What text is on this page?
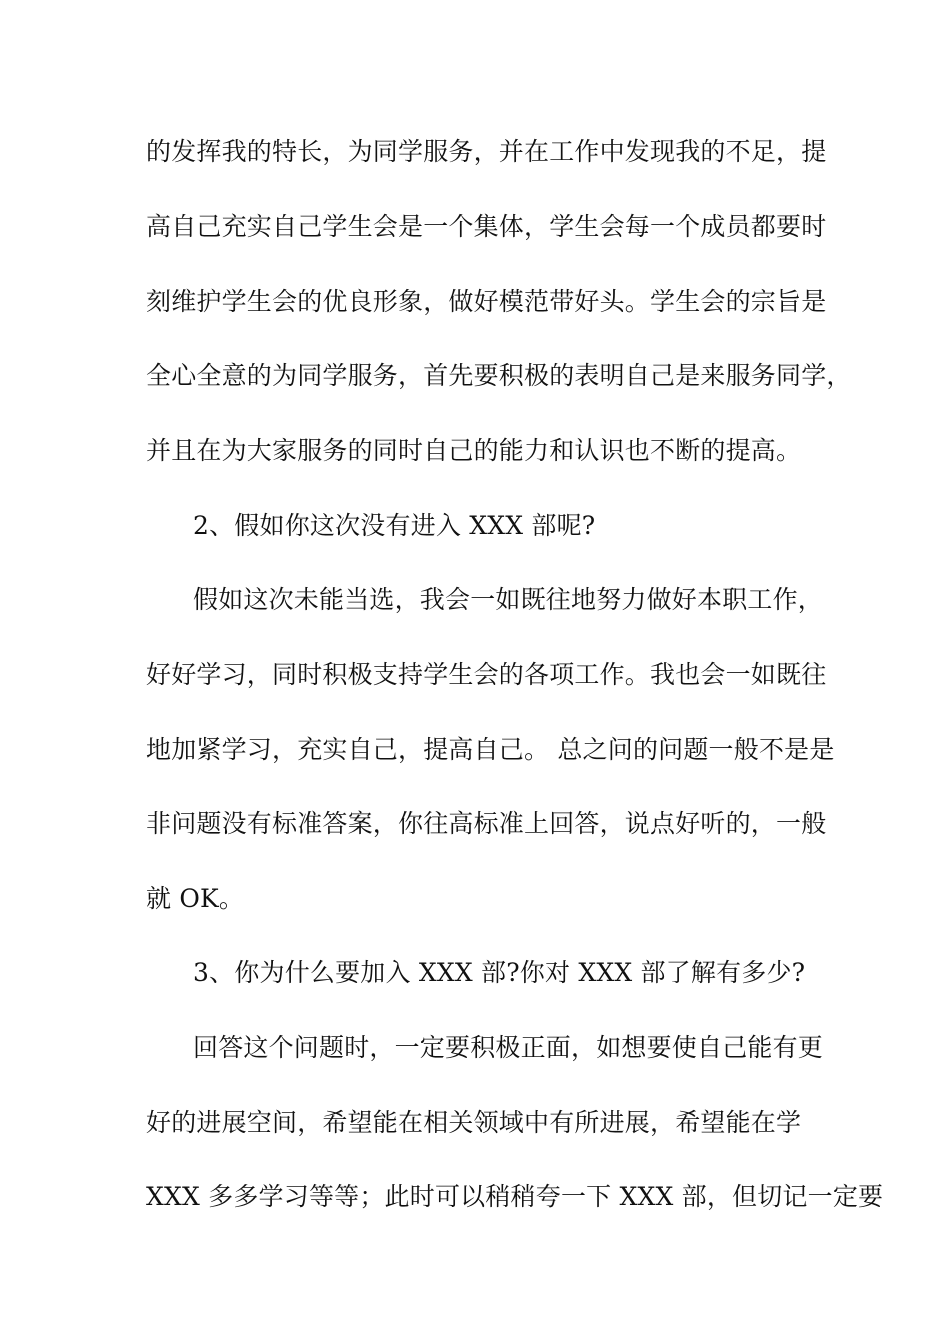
的发挥我的特长，为同学服务，并在工作中发现我的不足，提
高自己充实自己学生会是一个集体，学生会每一个成员都要时
刻维护学生会的优良形象，做好模范带好头。学生会的宗旨是
全心全意的为同学服务，首先要积极的表明自己是来服务同学，
并且在为大家服务的同时自己的能力和认识也不断的提高。
2、假如你这次没有进入 XXX 部呢?
假如这次未能当选，我会一如既往地努力做好本职工作，
好好学习，同时积极支持学生会的各项工作。我也会一如既往
地加紧学习，充实自己，提高自己。 总之问的问题一般不是是
非问题没有标准答案，你往高标准上回答，说点好听的，一般
就 OK。
3、你为什么要加入 XXX 部?你对 XXX 部了解有多少?
回答这个问题时，一定要积极正面，如想要使自己能有更
好的进展空间，希望能在相关领域中有所进展，希望能在学
XXX 多多学习等等；此时可以稍稍夸一下 XXX 部，但切记一定要
